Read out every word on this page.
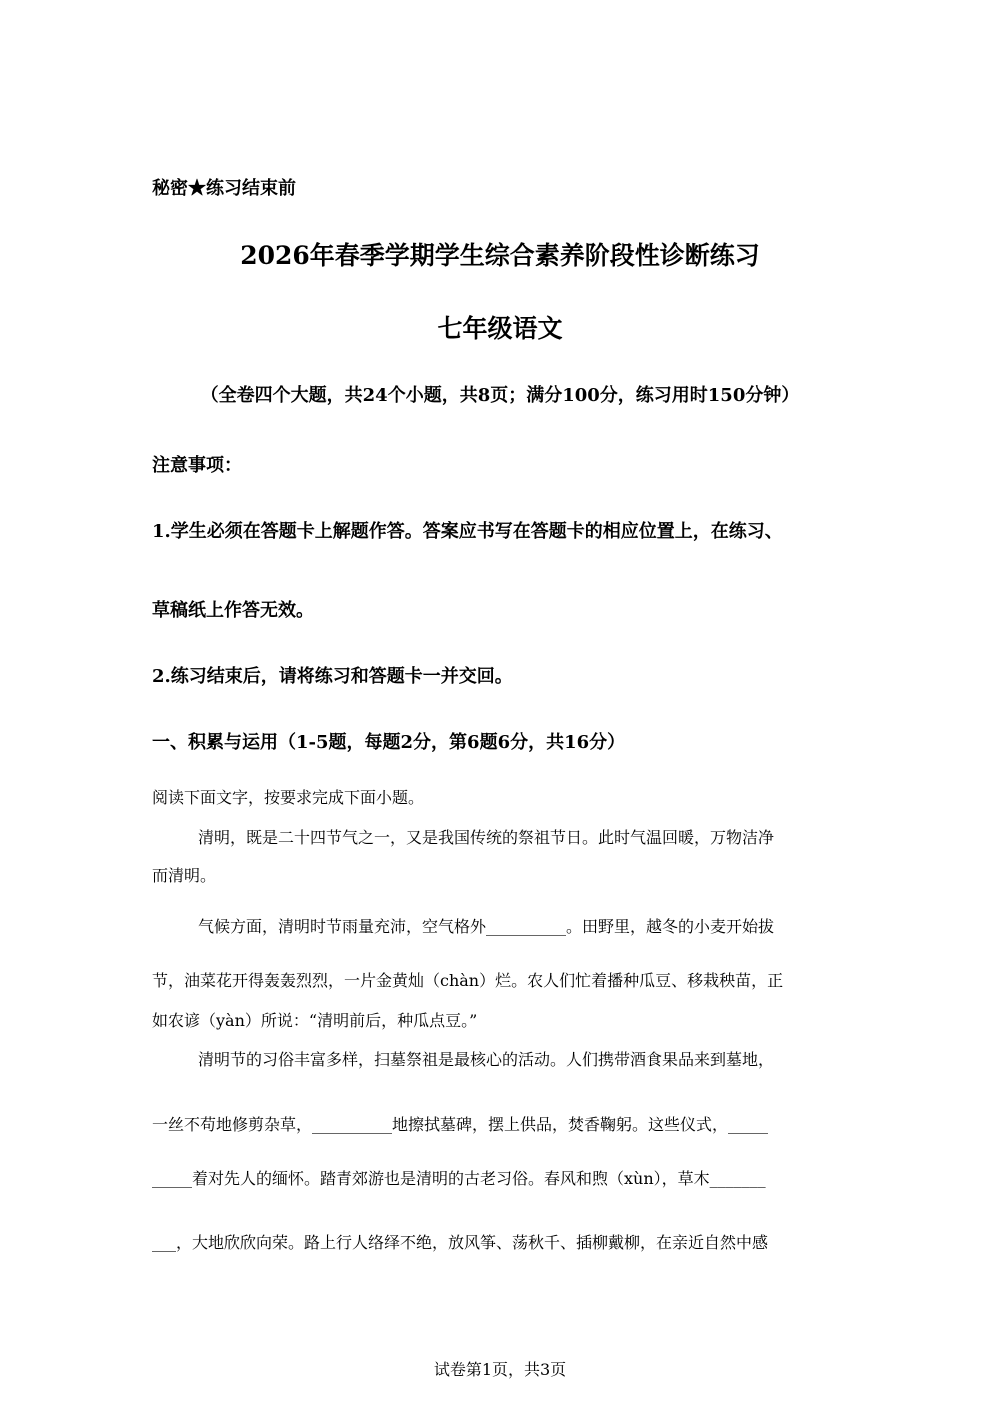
秘密★练习结束前
2026年春季学期学生综合素养阶段性诊断练习
七年级语文
（全卷四个大题，共24个小题，共8页；满分100分，练习用时150分钟）
注意事项：
1.学生必须在答题卡上解题作答。答案应书写在答题卡的相应位置上，在练习、
草稿纸上作答无效。
2.练习结束后，请将练习和答题卡一并交回。
一、积累与运用（1-5题，每题2分，第6题6分，共16分）
阅读下面文字，按要求完成下面小题。
清明，既是二十四节气之一，又是我国传统的祭祖节日。此时气温回暖，万物洁净
而清明。
气候方面，清明时节雨量充沛，空气格外__________。田野里，越冬的小麦开始拔
节，油菜花开得轰轰烈烈，一片金黄灿（chàn）烂。农人们忙着播种瓜豆、移栽秧苗，正
如农谚（yàn）所说：“清明前后，种瓜点豆。”
清明节的习俗丰富多样，扫墓祭祖是最核心的活动。人们携带酒食果品来到墓地，
一丝不苟地修剪杂草，__________地擦拭墓碑，摆上供品，焚香鞠躬。这些仪式，_____
_____着对先人的缅怀。踏青郊游也是清明的古老习俗。春风和煦（xùn），草木_______
___，大地欣欣向荣。路上行人络绎不绝，放风筝、荡秋千、插柳戴柳，在亲近自然中感
试卷第1页，共3页
